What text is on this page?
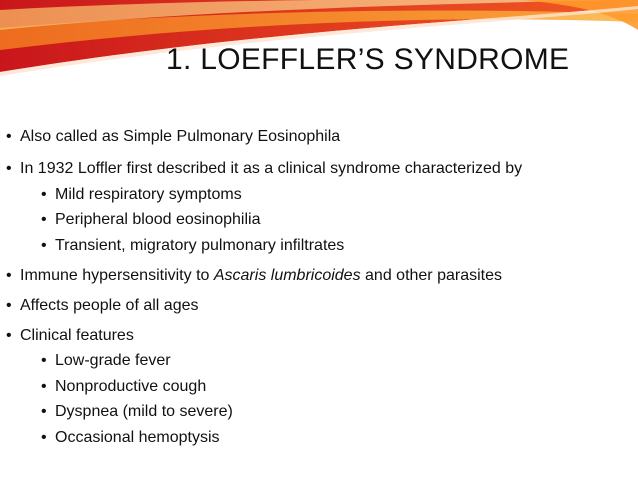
1. LOEFFLER’S SYNDROME
• Also called as Simple Pulmonary Eosinophila
• In 1932 Loffler first described it as a clinical syndrome characterized by
• Mild respiratory symptoms
• Peripheral blood eosinophilia
• Transient, migratory pulmonary infiltrates
• Immune hypersensitivity to Ascaris lumbricoides and other parasites
• Affects people of all ages
• Clinical features
• Low-grade fever
• Nonproductive cough
• Dyspnea (mild to severe)
• Occasional hemoptysis
